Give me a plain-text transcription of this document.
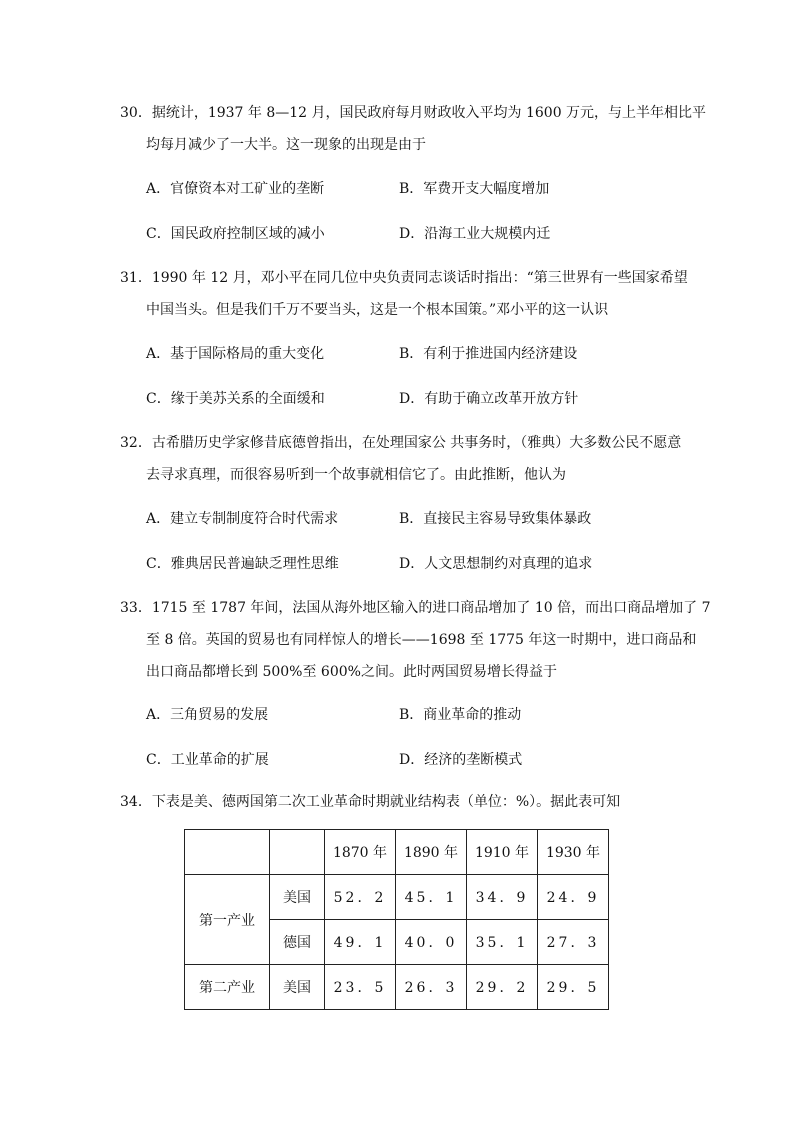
30．据统计，1937 年 8—12 月，国民政府每月财政收入平均为 1600 万元，与上半年相比平
均每月减少了一大半。这一现象的出现是由于
A．官僚资本对工矿业的垄断	B．军费开支大幅度增加
C．国民政府控制区域的减小	D．沿海工业大规模内迁
31．1990 年 12 月，邓小平在同几位中央负责同志谈话时指出：“第三世界有一些国家希望
中国当头。但是我们千万不要当头，这是一个根本国策。”邓小平的这一认识
A．基于国际格局的重大变化	B．有利于推进国内经济建设
C．缘于美苏关系的全面缓和	D．有助于确立改革开放方针
32．古希腊历史学家修昔底德曾指出，在处理国家公 共事务时，（雅典）大多数公民不愿意
去寻求真理，而很容易听到一个故事就相信它了。由此推断，他认为
A．建立专制制度符合时代需求	B．直接民主容易导致集体暴政
C．雅典居民普遍缺乏理性思维	D．人文思想制约对真理的追求
33．1715 至 1787 年间，法国从海外地区输入的进口商品增加了 10 倍，而出口商品增加了 7
至 8 倍。英国的贸易也有同样惊人的增长——1698 至 1775 年这一时期中，进口商品和
出口商品都增长到 500%至 600%之间。此时两国贸易增长得益于
A．三角贸易的发展	B．商业革命的推动
C．工业革命的扩展	D．经济的垄断模式
34．下表是美、德两国第二次工业革命时期就业结构表（单位：%）。据此表可知
		1870 年	1890 年	1910 年	1930 年
第一产业	美国	52．2	45．1	34．9	24．9
	德国	49．1	40．0	35．1	27．3
第二产业	美国	23．5	26．3	29．2	29．5
